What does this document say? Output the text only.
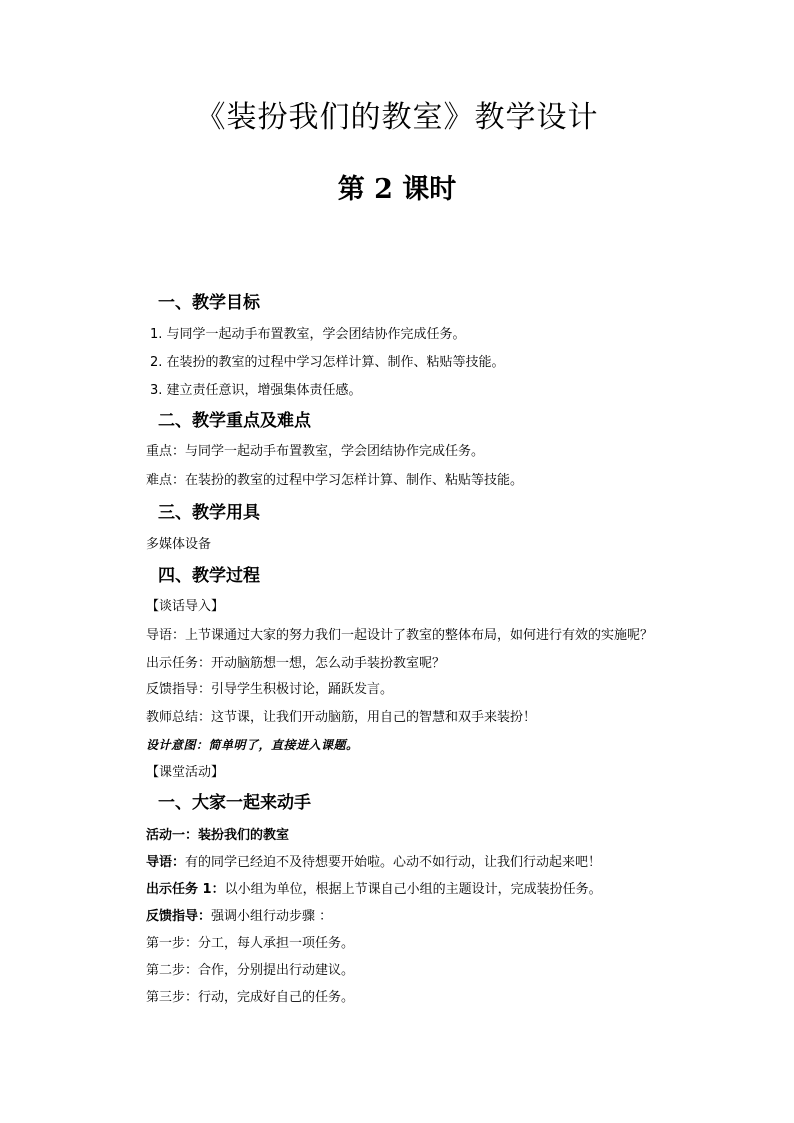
《装扮我们的教室》教学设计
第 2 课时
一、教学目标
1. 与同学一起动手布置教室，学会团结协作完成任务。
2. 在装扮的教室的过程中学习怎样计算、制作、粘贴等技能。
3. 建立责任意识，增强集体责任感。
二、教学重点及难点
重点：与同学一起动手布置教室，学会团结协作完成任务。
难点：在装扮的教室的过程中学习怎样计算、制作、粘贴等技能。
三、教学用具
多媒体设备
四、教学过程
【谈话导入】
导语：上节课通过大家的努力我们一起设计了教室的整体布局，如何进行有效的实施呢？
出示任务：开动脑筋想一想，怎么动手装扮教室呢？
反馈指导：引导学生积极讨论，踊跃发言。
教师总结：这节课，让我们开动脑筋，用自己的智慧和双手来装扮！
设计意图：简单明了，直接进入课题。
【课堂活动】
一、大家一起来动手
活动一：装扮我们的教室
导语：有的同学已经迫不及待想要开始啦。心动不如行动，让我们行动起来吧！
出示任务 1：以小组为单位，根据上节课自己小组的主题设计，完成装扮任务。
反馈指导：强调小组行动步骤 ：
第一步：分工，每人承担一项任务。
第二步：合作，分别提出行动建议。
第三步：行动，完成好自己的任务。
